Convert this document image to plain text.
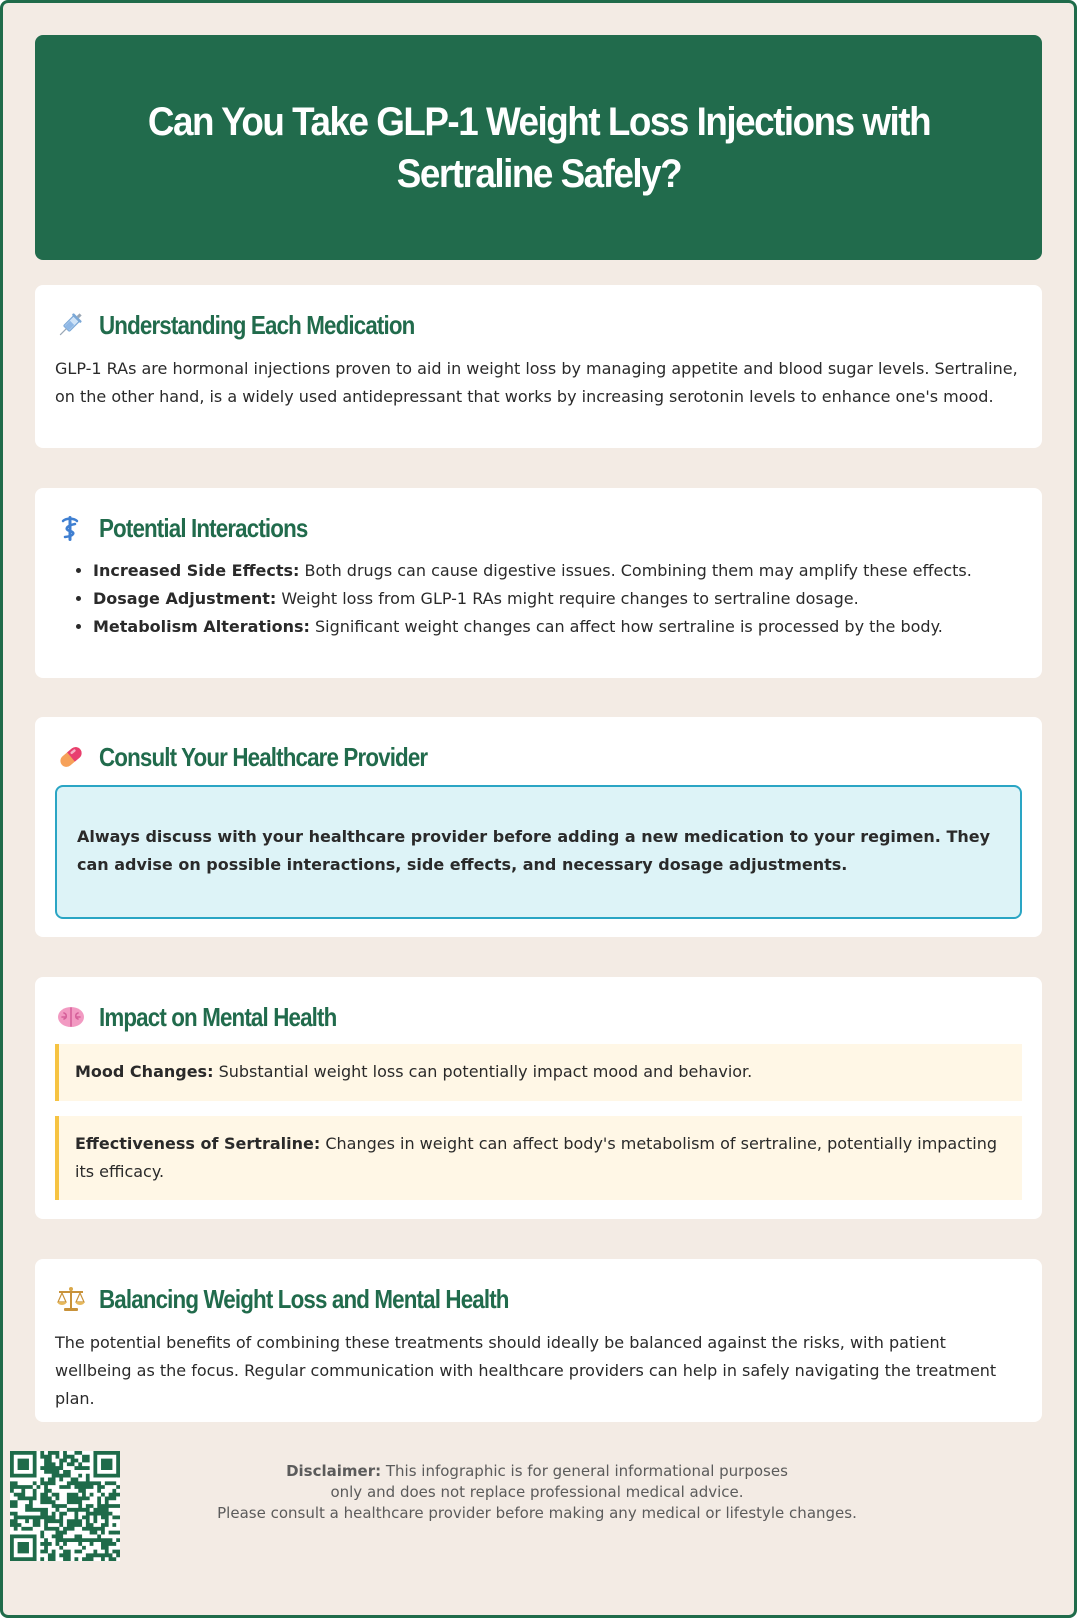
Can You Take GLP-1 Weight Loss Injections with Sertraline Safely?
Understanding Each Medication

GLP-1 RAs are hormonal injections proven to aid in weight loss by managing appetite and blood sugar levels. Sertraline, on the other hand, is a widely used antidepressant that works by increasing serotonin levels to enhance one's mood.

Potential Interactions
• Increased Side Effects: Both drugs can cause digestive issues. Combining them may amplify these effects.
• Dosage Adjustment: Weight loss from GLP-1 RAs might require changes to sertraline dosage.
• Metabolism Alterations: Significant weight changes can affect how sertraline is processed by the body.
Consult Your Healthcare Provider
Always discuss with your healthcare provider before adding a new medication to your regimen. They can advise on possible interactions, side effects, and necessary dosage adjustments.
Impact on Mental Health
Mood Changes: Substantial weight loss can potentially impact mood and behavior.
Effectiveness of Sertraline: Changes in weight can affect body's metabolism of sertraline, potentially impacting its efficacy.
Balancing Weight Loss and Mental Health

The potential benefits of combining these treatments should ideally be balanced against the risks, with patient wellbeing as the focus. Regular communication with healthcare providers can help in safely navigating the treatment plan.

Disclaimer: This infographic is for general informational purposes
only and does not replace professional medical advice.
Please consult a healthcare provider before making any medical or lifestyle changes.
